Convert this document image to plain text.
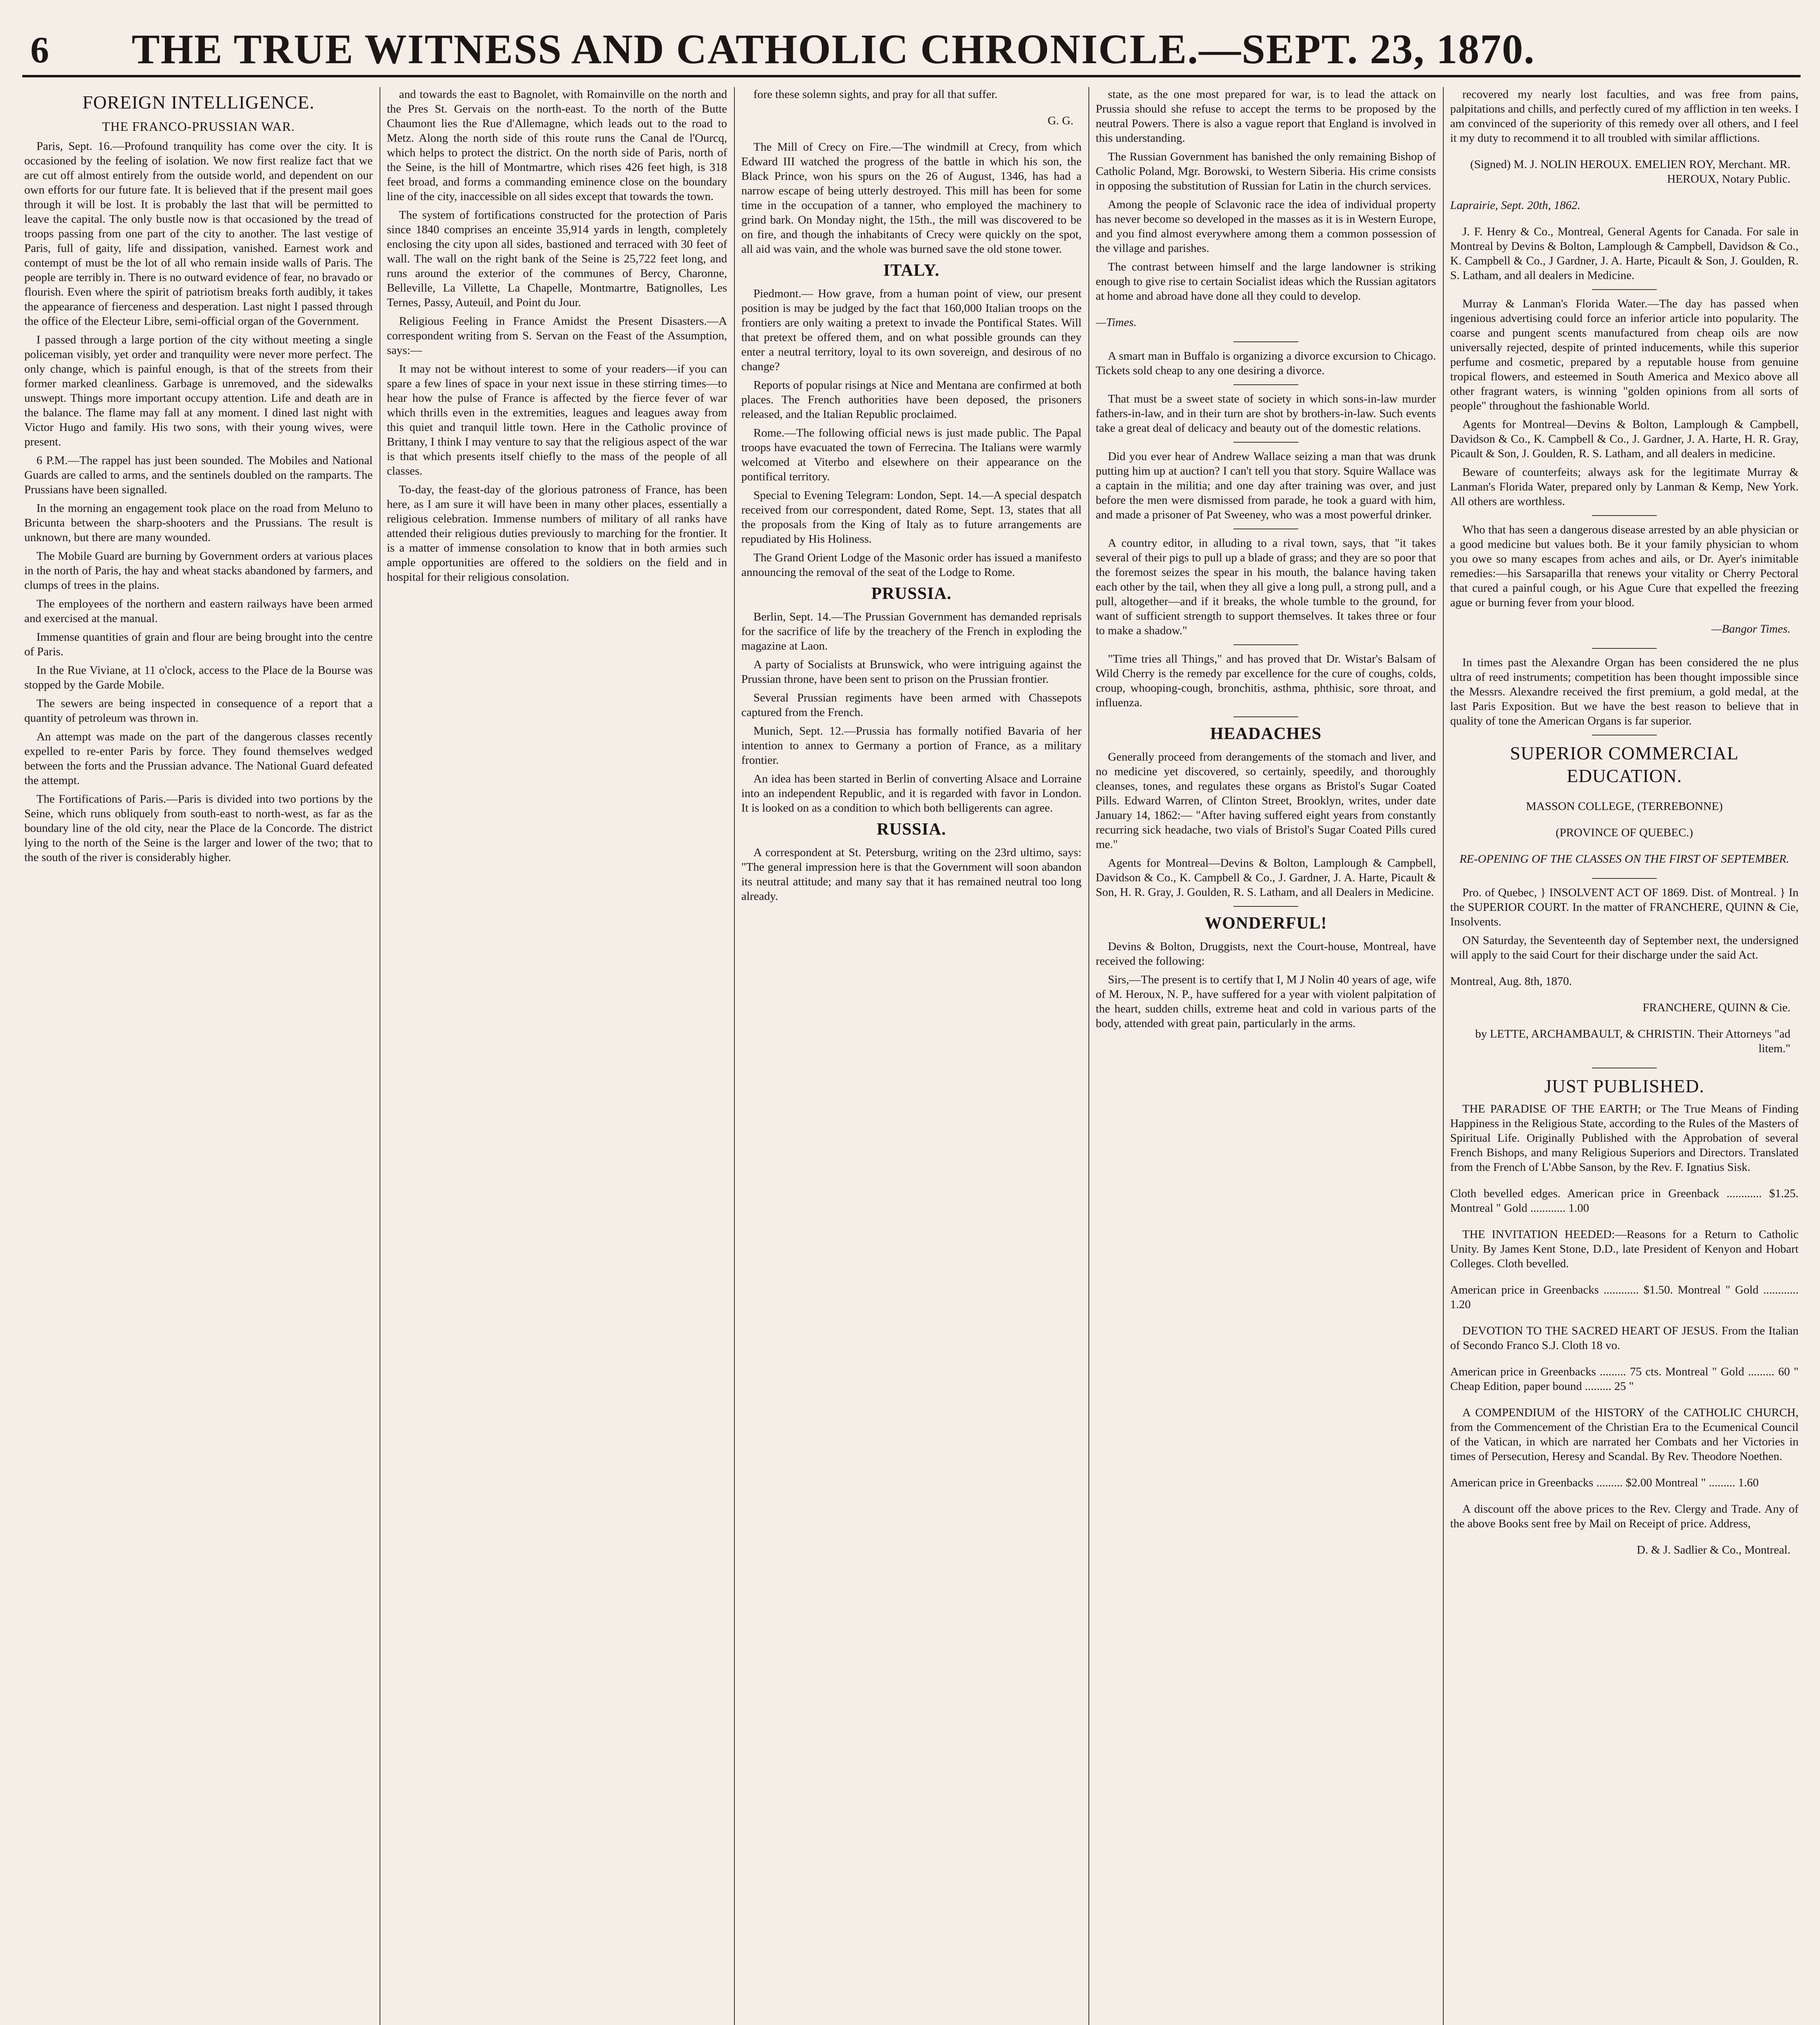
6 THE TRUE WITNESS AND CATHOLIC CHRONICLE.—SEPT. 23, 1870.
FOREIGN INTELLIGENCE.
THE FRANCO-PRUSSIAN WAR.

Paris, Sept. 16.—Profound tranquility has come over the city. It is occasioned by the feeling of isolation. We now first realize fact that we are cut off almost entirely from the outside world, and dependent on our own efforts for our future fate. It is believed that if the present mail goes through it will be lost. It is probably the last that will be permitted to leave the capital. The only bustle now is that occasioned by the tread of troops passing from one part of the city to another. The last vestige of Paris, full of gaity, life and dissipation, vanished. Earnest work and contempt of must be the lot of all who remain inside walls of Paris. The people are terribly in. There is no outward evidence of fear, no bravado or flourish. Even where the spirit of patriotism breaks forth audibly, it takes the appearance of fierceness and desperation. Last night I passed through the office of the Electeur Libre, semi-official organ of the Government.

I passed through a large portion of the city without meeting a single policeman visibly, yet order and tranquility were never more perfect. The only change, which is painful enough, is that of the streets from their former marked cleanliness. Garbage is unremoved, and the sidewalks unswept. Things more important occupy attention. Life and death are in the balance. The flame may fall at any moment. I dined last night with Victor Hugo and family. His two sons, with their young wives, were present.

6 P.M.—The rappel has just been sounded. The Mobiles and National Guards are called to arms, and the sentinels doubled on the ramparts. The Prussians have been signalled.

In the morning an engagement took place on the road from Meluno to Bricunta between the sharp-shooters and the Prussians. The result is unknown, but there are many wounded.

The Mobile Guard are burning by Government orders at various places in the north of Paris, the hay and wheat stacks abandoned by farmers, and clumps of trees in the plains.

The employees of the northern and eastern railways have been armed and exercised at the manual.

Immense quantities of grain and flour are being brought into the centre of Paris.

In the Rue Viviane, at 11 o'clock, access to the Place de la Bourse was stopped by the Garde Mobile.

The sewers are being inspected in consequence of a report that a quantity of petroleum was thrown in.

An attempt was made on the part of the dangerous classes recently expelled to re-enter Paris by force. They found themselves wedged between the forts and the Prussian advance. The National Guard defeated the attempt.

The Fortifications of Paris.—Paris is divided into two portions by the Seine, which runs obliquely from south-east to north-west, as far as the boundary line of the old city, near the Place de la Concorde. The district lying to the north of the Seine is the larger and lower of the two; that to the south of the river is considerably higher.

and towards the east to Bagnolet, with Romainville on the north and the Pres St. Gervais on the north-east. To the north of the Butte Chaumont lies the Rue d'Allemagne, which leads out to the road to Metz. Along the north side of this route runs the Canal de l'Ourcq, which helps to protect the district. On the north side of Paris, north of the Seine, is the hill of Montmartre, which rises 426 feet high, is 318 feet broad, and forms a commanding eminence close on the boundary line of the city, inaccessible on all sides except that towards the town.

The system of fortifications constructed for the protection of Paris since 1840 comprises an enceinte 35,914 yards in length, completely enclosing the city upon all sides, bastioned and terraced with 30 feet of wall. The wall on the right bank of the Seine is 25,722 feet long, and runs around the exterior of the communes of Bercy, Charonne, Belleville, La Villette, La Chapelle, Montmartre, Batignolles, Les Ternes, Passy, Auteuil, and Point du Jour.

Religious Feeling in France Amidst the Present Disasters.—A correspondent writing from S. Servan on the Feast of the Assumption, says:—

It may not be without interest to some of your readers—if you can spare a few lines of space in your next issue in these stirring times—to hear how the pulse of France is affected by the fierce fever of war which thrills even in the extremities, leagues and leagues away from this quiet and tranquil little town. Here in the Catholic province of Brittany, I think I may venture to say that the religious aspect of the war is that which presents itself chiefly to the mass of the people of all classes.

To-day, the feast-day of the glorious patroness of France, has been here, as I am sure it will have been in many other places, essentially a religious celebration. Immense numbers of military of all ranks have attended their religious duties previously to marching for the frontier. It is a matter of immense consolation to know that in both armies such ample opportunities are offered to the soldiers on the field and in hospital for their religious consolation.

fore these solemn sights, and pray for all that suffer.

G. G.

The Mill of Crecy on Fire.—The windmill at Crecy, from which Edward III watched the progress of the battle in which his son, the Black Prince, won his spurs on the 26 of August, 1346, has had a narrow escape of being utterly destroyed. This mill has been for some time in the occupation of a tanner, who employed the machinery to grind bark. On Monday night, the 15th., the mill was discovered to be on fire, and though the inhabitants of Crecy were quickly on the spot, all aid was vain, and the whole was burned save the old stone tower.

ITALY.

Piedmont.— How grave, from a human point of view, our present position is may be judged by the fact that 160,000 Italian troops on the frontiers are only waiting a pretext to invade the Pontifical States. Will that pretext be offered them, and on what possible grounds can they enter a neutral territory, loyal to its own sovereign, and desirous of no change?

Reports of popular risings at Nice and Mentana are confirmed at both places. The French authorities have been deposed, the prisoners released, and the Italian Republic proclaimed.

Rome.—The following official news is just made public. The Papal troops have evacuated the town of Ferrecina. The Italians were warmly welcomed at Viterbo and elsewhere on their appearance on the pontifical territory.

Special to Evening Telegram: London, Sept. 14.—A special despatch received from our correspondent, dated Rome, Sept. 13, states that all the proposals from the King of Italy as to future arrangements are repudiated by His Holiness.

The Grand Orient Lodge of the Masonic order has issued a manifesto announcing the removal of the seat of the Lodge to Rome.

PRUSSIA.

Berlin, Sept. 14.—The Prussian Government has demanded reprisals for the sacrifice of life by the treachery of the French in exploding the magazine at Laon.

A party of Socialists at Brunswick, who were intriguing against the Prussian throne, have been sent to prison on the Prussian frontier.

Several Prussian regiments have been armed with Chassepots captured from the French.

Munich, Sept. 12.—Prussia has formally notified Bavaria of her intention to annex to Germany a portion of France, as a military frontier.

An idea has been started in Berlin of converting Alsace and Lorraine into an independent Republic, and it is regarded with favor in London. It is looked on as a condition to which both belligerents can agree.

RUSSIA.

A correspondent at St. Petersburg, writing on the 23rd ultimo, says: "The general impression here is that the Government will soon abandon its neutral attitude; and many say that it has remained neutral too long already.

state, as the one most prepared for war, is to lead the attack on Prussia should she refuse to accept the terms to be proposed by the neutral Powers. There is also a vague report that England is involved in this understanding.

The Russian Government has banished the only remaining Bishop of Catholic Poland, Mgr. Borowski, to Western Siberia. His crime consists in opposing the substitution of Russian for Latin in the church services.

Among the people of Sclavonic race the idea of individual property has never become so developed in the masses as it is in Western Europe, and you find almost everywhere among them a common possession of the village and parishes.

The contrast between himself and the large landowner is striking enough to give rise to certain Socialist ideas which the Russian agitators at home and abroad have done all they could to develop.

—Times.

A smart man in Buffalo is organizing a divorce excursion to Chicago. Tickets sold cheap to any one desiring a divorce.

That must be a sweet state of society in which sons-in-law murder fathers-in-law, and in their turn are shot by brothers-in-law. Such events take a great deal of delicacy and beauty out of the domestic relations.

Did you ever hear of Andrew Wallace seizing a man that was drunk putting him up at auction? I can't tell you that story. Squire Wallace was a captain in the militia; and one day after training was over, and just before the men were dismissed from parade, he took a guard with him, and made a prisoner of Pat Sweeney, who was a most powerful drinker.

A country editor, in alluding to a rival town, says, that "it takes several of their pigs to pull up a blade of grass; and they are so poor that the foremost seizes the spear in his mouth, the balance having taken each other by the tail, when they all give a long pull, a strong pull, and a pull, altogether—and if it breaks, the whole tumble to the ground, for want of sufficient strength to support themselves. It takes three or four to make a shadow."

"Time tries all Things," and has proved that Dr. Wistar's Balsam of Wild Cherry is the remedy par excellence for the cure of coughs, colds, croup, whooping-cough, bronchitis, asthma, phthisic, sore throat, and influenza.

HEADACHES

Generally proceed from derangements of the stomach and liver, and no medicine yet discovered, so certainly, speedily, and thoroughly cleanses, tones, and regulates these organs as Bristol's Sugar Coated Pills. Edward Warren, of Clinton Street, Brooklyn, writes, under date January 14, 1862:— "After having suffered eight years from constantly recurring sick headache, two vials of Bristol's Sugar Coated Pills cured me."

Agents for Montreal—Devins & Bolton, Lamplough & Campbell, Davidson & Co., K. Campbell & Co., J. Gardner, J. A. Harte, Picault & Son, H. R. Gray, J. Goulden, R. S. Latham, and all Dealers in Medicine.

WONDERFUL!

Devins & Bolton, Druggists, next the Court-house, Montreal, have received the following:

Sirs,—The present is to certify that I, M J Nolin 40 years of age, wife of M. Heroux, N. P., have suffered for a year with violent palpitation of the heart, sudden chills, extreme heat and cold in various parts of the body, attended with great pain, particularly in the arms.

recovered my nearly lost faculties, and was free from pains, palpitations and chills, and perfectly cured of my affliction in ten weeks. I am convinced of the superiority of this remedy over all others, and I feel it my duty to recommend it to all troubled with similar afflictions.

(Signed) M. J. NOLIN HEROUX. EMELIEN ROY, Merchant. MR. HEROUX, Notary Public.

Laprairie, Sept. 20th, 1862.

J. F. Henry & Co., Montreal, General Agents for Canada. For sale in Montreal by Devins & Bolton, Lamplough & Campbell, Davidson & Co., K. Campbell & Co., J Gardner, J. A. Harte, Picault & Son, J. Goulden, R. S. Latham, and all dealers in Medicine.

Murray & Lanman's Florida Water.—The day has passed when ingenious advertising could force an inferior article into popularity. The coarse and pungent scents manufactured from cheap oils are now universally rejected, despite of printed inducements, while this superior perfume and cosmetic, prepared by a reputable house from genuine tropical flowers, and esteemed in South America and Mexico above all other fragrant waters, is winning "golden opinions from all sorts of people" throughout the fashionable World.

Agents for Montreal—Devins & Bolton, Lamplough & Campbell, Davidson & Co., K. Campbell & Co., J. Gardner, J. A. Harte, H. R. Gray, Picault & Son, J. Goulden, R. S. Latham, and all dealers in medicine.

Beware of counterfeits; always ask for the legitimate Murray & Lanman's Florida Water, prepared only by Lanman & Kemp, New York. All others are worthless.

Who that has seen a dangerous disease arrested by an able physician or a good medicine but values both. Be it your family physician to whom you owe so many escapes from aches and ails, or Dr. Ayer's inimitable remedies:—his Sarsaparilla that renews your vitality or Cherry Pectoral that cured a painful cough, or his Ague Cure that expelled the freezing ague or burning fever from your blood.

—Bangor Times.

In times past the Alexandre Organ has been considered the ne plus ultra of reed instruments; competition has been thought impossible since the Messrs. Alexandre received the first premium, a gold medal, at the last Paris Exposition. But we have the best reason to believe that in quality of tone the American Organs is far superior.

SUPERIOR COMMERCIAL EDUCATION.

MASSON COLLEGE, (TERREBONNE)

(PROVINCE OF QUEBEC.)

RE-OPENING OF THE CLASSES ON THE FIRST OF SEPTEMBER.

Pro. of Quebec, } INSOLVENT ACT OF 1869. Dist. of Montreal. } In the SUPERIOR COURT. In the matter of FRANCHERE, QUINN & Cie, Insolvents.

ON Saturday, the Seventeenth day of September next, the undersigned will apply to the said Court for their discharge under the said Act.

Montreal, Aug. 8th, 1870.

FRANCHERE, QUINN & Cie.

by LETTE, ARCHAMBAULT, & CHRISTIN. Their Attorneys "ad litem."

JUST PUBLISHED.

THE PARADISE OF THE EARTH; or The True Means of Finding Happiness in the Religious State, according to the Rules of the Masters of Spiritual Life. Originally Published with the Approbation of several French Bishops, and many Religious Superiors and Directors. Translated from the French of L'Abbe Sanson, by the Rev. F. Ignatius Sisk.

Cloth bevelled edges. American price in Greenback ............ $1.25. Montreal " Gold ............ 1.00

THE INVITATION HEEDED:—Reasons for a Return to Catholic Unity. By James Kent Stone, D.D., late President of Kenyon and Hobart Colleges. Cloth bevelled.

American price in Greenbacks ............ $1.50. Montreal " Gold ............ 1.20

DEVOTION TO THE SACRED HEART OF JESUS. From the Italian of Secondo Franco S.J. Cloth 18 vo.

American price in Greenbacks ......... 75 cts. Montreal " Gold ......... 60 " Cheap Edition, paper bound ......... 25 "

A COMPENDIUM of the HISTORY of the CATHOLIC CHURCH, from the Commencement of the Christian Era to the Ecumenical Council of the Vatican, in which are narrated her Combats and her Victories in times of Persecution, Heresy and Scandal. By Rev. Theodore Noethen.

American price in Greenbacks ......... $2.00 Montreal " ......... 1.60

A discount off the above prices to the Rev. Clergy and Trade. Any of the above Books sent free by Mail on Receipt of price. Address,

D. & J. Sadlier & Co., Montreal.
